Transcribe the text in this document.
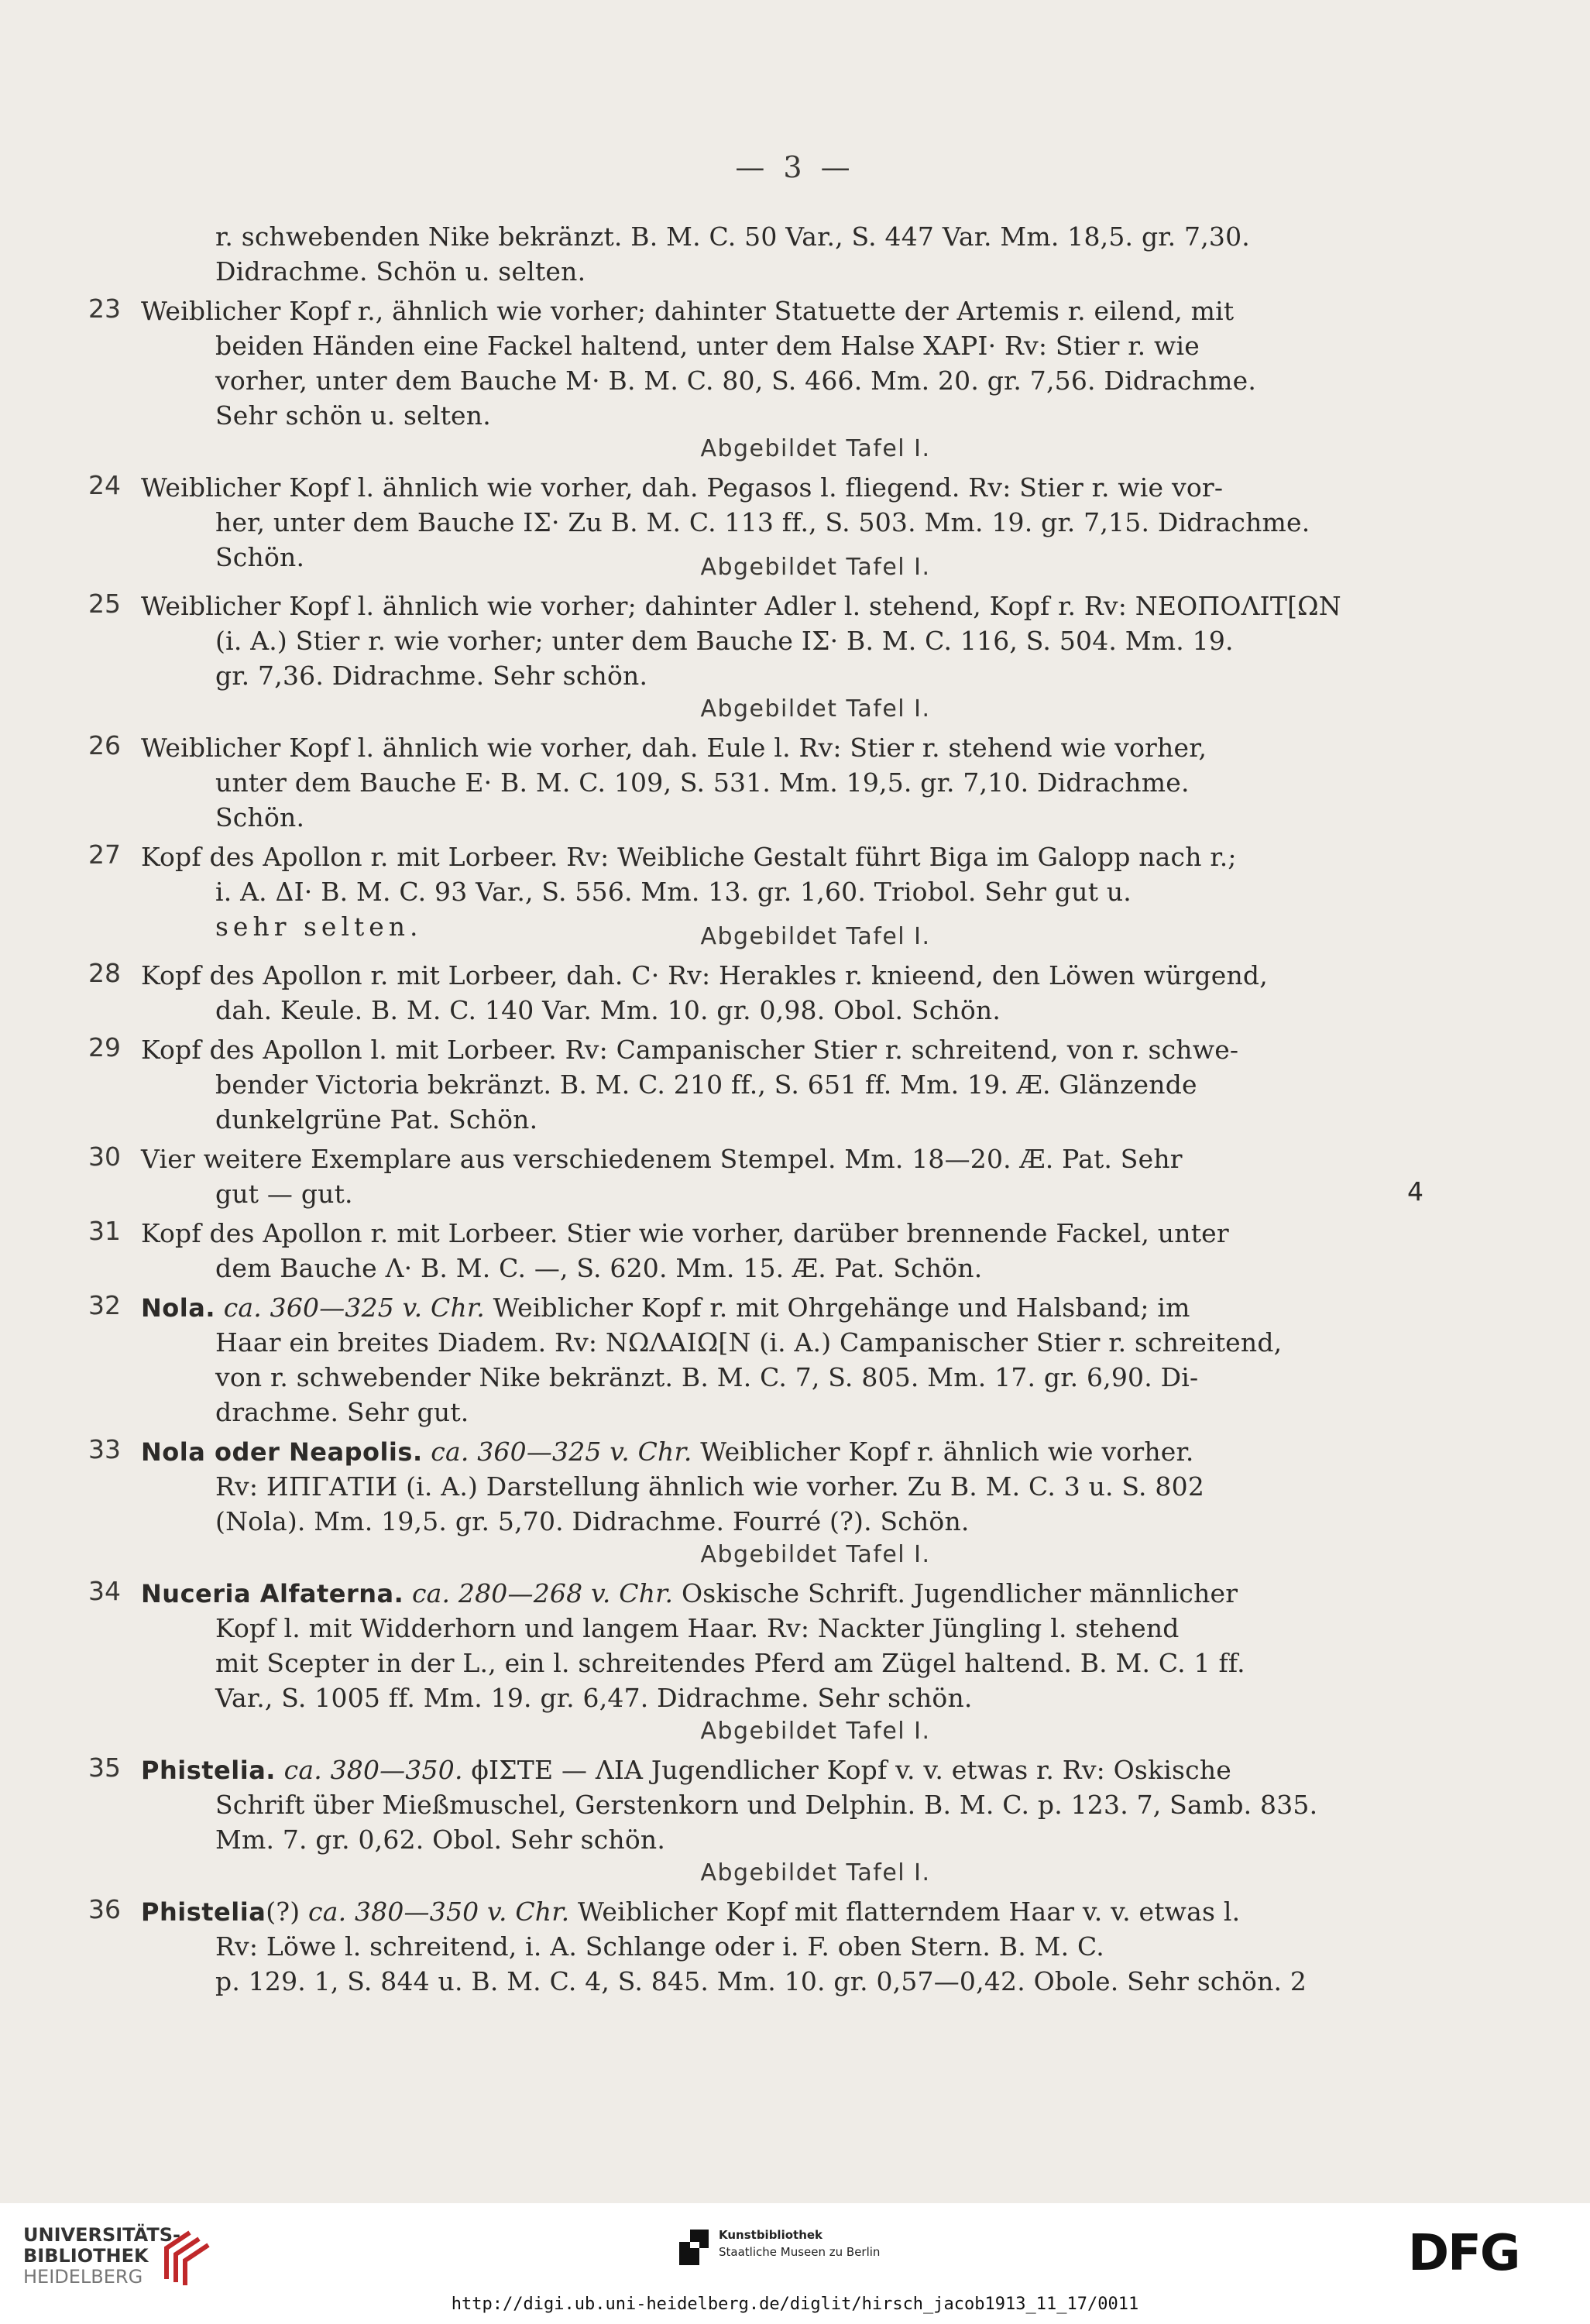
— 3 —
r. schwebenden Nike bekränzt. B. M. C. 50 Var., S. 447 Var. Mm. 18,5. gr. 7,30.
Didrachme. Schön u. selten.
23 Weiblicher Kopf r., ähnlich wie vorher; dahinter Statuette der Artemis r. eilend, mit
beiden Händen eine Fackel haltend, unter dem Halse ΧΑΡΙ· Rv: Stier r. wie
vorher, unter dem Bauche Μ· B. M. C. 80, S. 466. Mm. 20. gr. 7,56. Didrachme.
Sehr schön u. selten.
Abgebildet Tafel I.
24 Weiblicher Kopf l. ähnlich wie vorher, dah. Pegasos l. fliegend. Rv: Stier r. wie vor-
her, unter dem Bauche ΙΣ· Zu B. M. C. 113 ff., S. 503. Mm. 19. gr. 7,15. Didrachme.
Schön.	Abgebildet Tafel I.
25 Weiblicher Kopf l. ähnlich wie vorher; dahinter Adler l. stehend, Kopf r. Rv: ΝΕΟΠΟΛΙΤ[ΩΝ
(i. A.) Stier r. wie vorher; unter dem Bauche ΙΣ· B. M. C. 116, S. 504. Mm. 19.
gr. 7,36. Didrachme. Sehr schön.
Abgebildet Tafel I.
26 Weiblicher Kopf l. ähnlich wie vorher, dah. Eule l. Rv: Stier r. stehend wie vorher,
unter dem Bauche Ε· B. M. C. 109, S. 531. Mm. 19,5. gr. 7,10. Didrachme.
Schön.
27 Kopf des Apollon r. mit Lorbeer. Rv: Weibliche Gestalt führt Biga im Galopp nach r.;
i. A. ΔΙ· B. M. C. 93 Var., S. 556. Mm. 13. gr. 1,60. Triobol. Sehr gut u.
sehr selten.	Abgebildet Tafel I.
28 Kopf des Apollon r. mit Lorbeer, dah. Ϲ· Rv: Herakles r. knieend, den Löwen würgend,
dah. Keule. B. M. C. 140 Var. Mm. 10. gr. 0,98. Obol. Schön.
29 Kopf des Apollon l. mit Lorbeer. Rv: Campanischer Stier r. schreitend, von r. schwe-
bender Victoria bekränzt. B. M. C. 210 ff., S. 651 ff. Mm. 19. Æ. Glänzende
dunkelgrüne Pat. Schön.
30 Vier weitere Exemplare aus verschiedenem Stempel. Mm. 18—20. Æ. Pat. Sehr
gut — gut.	4
31 Kopf des Apollon r. mit Lorbeer. Stier wie vorher, darüber brennende Fackel, unter
dem Bauche Λ· B. M. C. —, S. 620. Mm. 15. Æ. Pat. Schön.
32 Nola. ca. 360—325 v. Chr. Weiblicher Kopf r. mit Ohrgehänge und Halsband; im
Haar ein breites Diadem. Rv: ΝΩΛΑΙΩ[Ν (i. A.) Campanischer Stier r. schreitend,
von r. schwebender Nike bekränzt. B. M. C. 7, S. 805. Mm. 17. gr. 6,90. Di-
drachme. Sehr gut.
33 Nola oder Neapolis. ca. 360—325 v. Chr. Weiblicher Kopf r. ähnlich wie vorher.
Rv: ИΠΓΑΤΙИ (i. A.) Darstellung ähnlich wie vorher. Zu B. M. C. 3 u. S. 802
(Nola). Mm. 19,5. gr. 5,70. Didrachme. Fourré (?). Schön.
Abgebildet Tafel I.
34 Nuceria Alfaterna. ca. 280—268 v. Chr. Oskische Schrift. Jugendlicher männlicher
Kopf l. mit Widderhorn und langem Haar. Rv: Nackter Jüngling l. stehend
mit Scepter in der L., ein l. schreitendes Pferd am Zügel haltend. B. M. C. 1 ff.
Var., S. 1005 ff. Mm. 19. gr. 6,47. Didrachme. Sehr schön.
Abgebildet Tafel I.
35 Phistelia. ca. 380—350. ϕΙΣΤΕ — ΛΙΑ Jugendlicher Kopf v. v. etwas r. Rv: Oskische
Schrift über Mießmuschel, Gerstenkorn und Delphin. B. M. C. p. 123. 7, Samb. 835.
Mm. 7. gr. 0,62. Obol. Sehr schön.
Abgebildet Tafel I.
36 Phistelia(?) ca. 380—350 v. Chr. Weiblicher Kopf mit flatterndem Haar v. v. etwas l.
Rv: Löwe l. schreitend, i. A. Schlange oder i. F. oben Stern. B. M. C.
p. 129. 1, S. 844 u. B. M. C. 4, S. 845. Mm. 10. gr. 0,57—0,42. Obole. Sehr schön. 2
UNIVERSITÄTS-
BIBLIOTHEK
HEIDELBERG
Kunstbibliothek
Staatliche Museen zu Berlin	DFG
http://digi.ub.uni-heidelberg.de/diglit/hirsch_jacob1913_11_17/0011
